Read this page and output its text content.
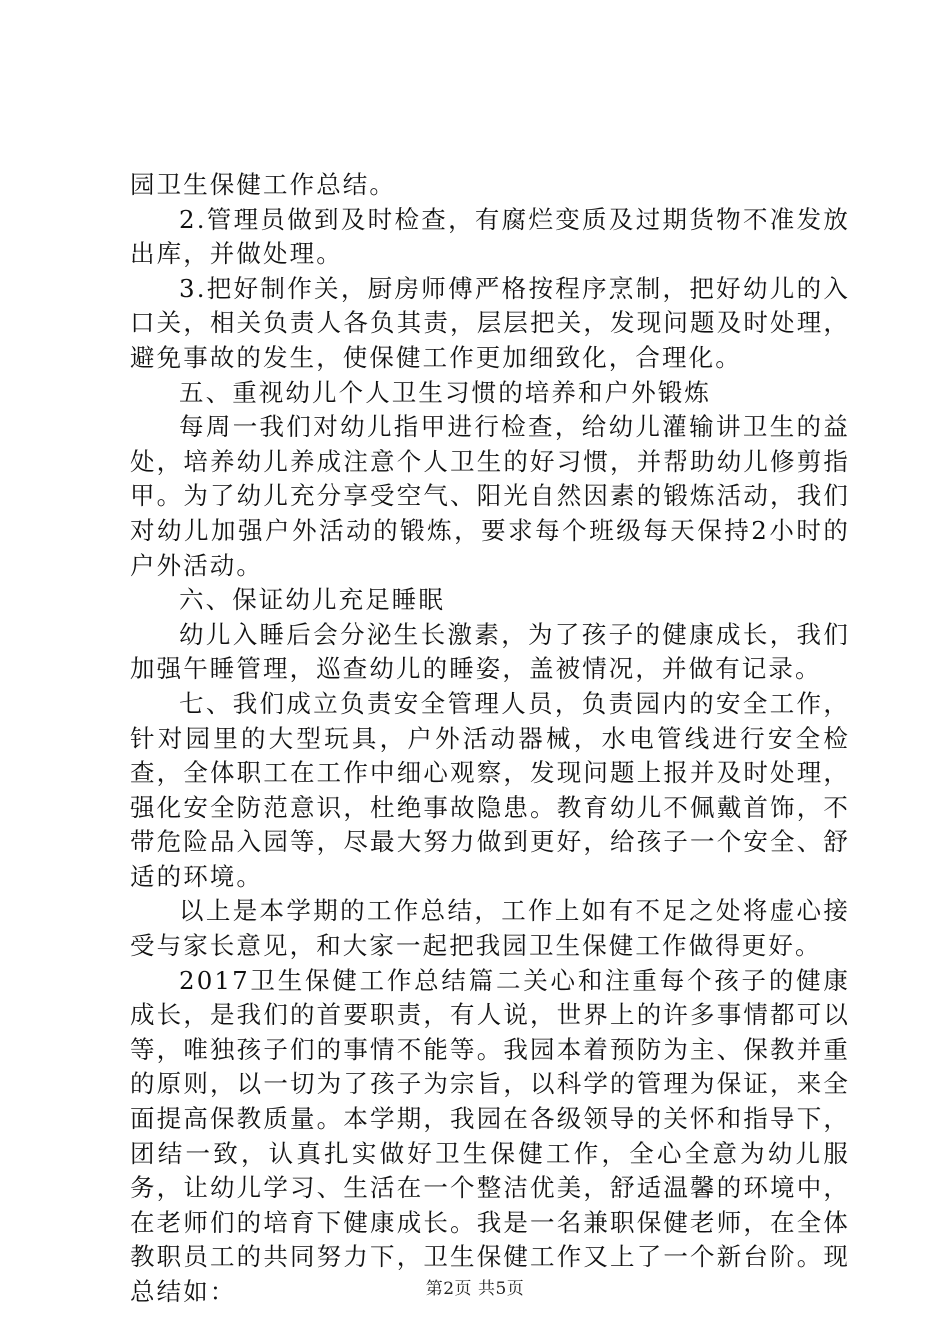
园卫生保健工作总结。

2.管理员做到及时检查，有腐烂变质及过期货物不准发放出库，并做处理。

3.把好制作关，厨房师傅严格按程序烹制，把好幼儿的入口关，相关负责人各负其责，层层把关，发现问题及时处理，避免事故的发生，使保健工作更加细致化，合理化。

五、重视幼儿个人卫生习惯的培养和户外锻炼

每周一我们对幼儿指甲进行检查，给幼儿灌输讲卫生的益处，培养幼儿养成注意个人卫生的好习惯，并帮助幼儿修剪指甲。为了幼儿充分享受空气、阳光自然因素的锻炼活动，我们对幼儿加强户外活动的锻炼，要求每个班级每天保持2小时的户外活动。

六、保证幼儿充足睡眠

幼儿入睡后会分泌生长激素，为了孩子的健康成长，我们加强午睡管理，巡查幼儿的睡姿，盖被情况，并做有记录。

七、我们成立负责安全管理人员，负责园内的安全工作，针对园里的大型玩具，户外活动器械，水电管线进行安全检查，全体职工在工作中细心观察，发现问题上报并及时处理，强化安全防范意识，杜绝事故隐患。教育幼儿不佩戴首饰，不带危险品入园等，尽最大努力做到更好，给孩子一个安全、舒适的环境。

以上是本学期的工作总结，工作上如有不足之处将虚心接受与家长意见，和大家一起把我园卫生保健工作做得更好。

2017卫生保健工作总结篇二关心和注重每个孩子的健康成长，是我们的首要职责，有人说，世界上的许多事情都可以等，唯独孩子们的事情不能等。我园本着预防为主、保教并重的原则，以一切为了孩子为宗旨，以科学的管理为保证，来全面提高保教质量。本学期，我园在各级领导的关怀和指导下，团结一致，认真扎实做好卫生保健工作，全心全意为幼儿服务，让幼儿学习、生活在一个整洁优美，舒适温馨的环境中，在老师们的培育下健康成长。我是一名兼职保健老师，在全体教职员工的共同努力下，卫生保健工作又上了一个新台阶。现总结如：	第2页 共5页
